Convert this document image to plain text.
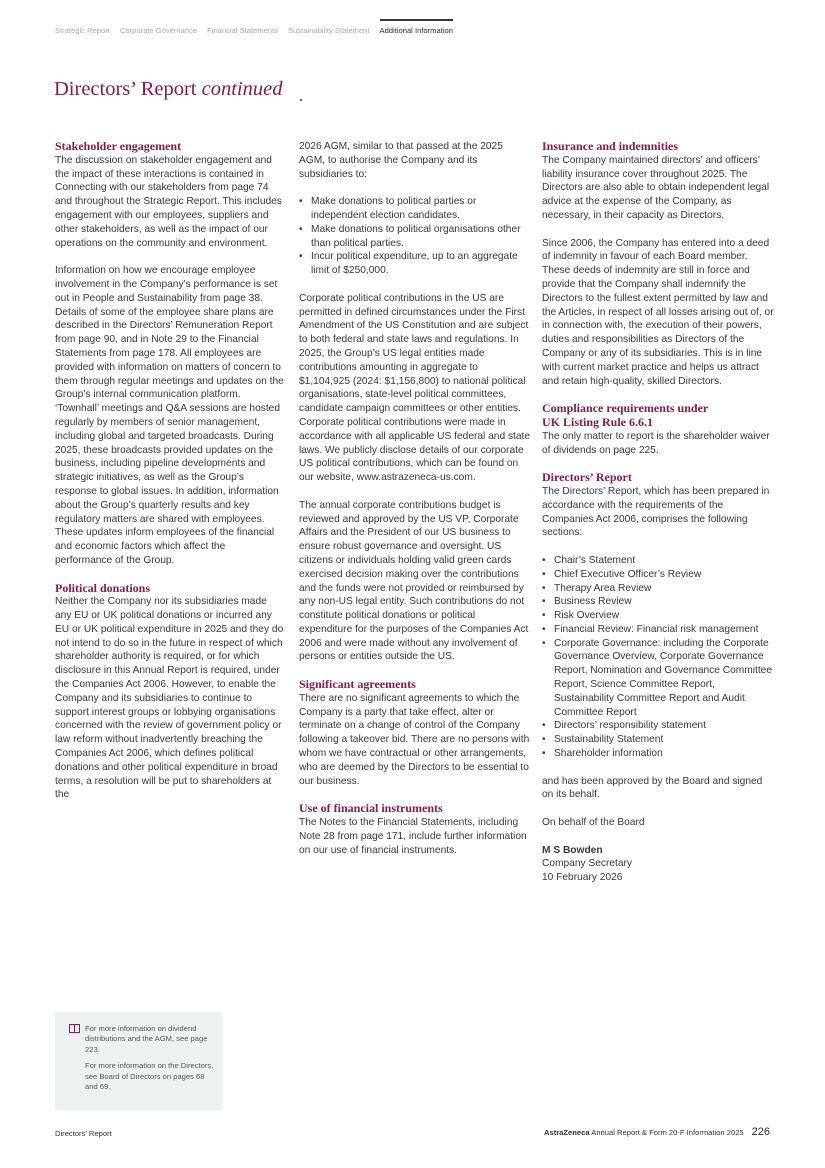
Strategic Report Corporate Governance Financial Statements Sustainability Statement Additional Information
Directors’ Report continued
Stakeholder engagement

The discussion on stakeholder engagement and the impact of these interactions is contained in Connecting with our stakeholders from page 74 and throughout the Strategic Report. This includes engagement with our employees, suppliers and other stakeholders, as well as the impact of our operations on the community and environment.

Information on how we encourage employee involvement in the Company’s performance is set out in People and Sustainability from page 38. Details of some of the employee share plans are described in the Directors’ Remuneration Report from page 90, and in Note 29 to the Financial Statements from page 178. All employees are provided with information on matters of concern to them through regular meetings and updates on the Group’s internal communication platform. ‘Townhall’ meetings and Q&A sessions are hosted regularly by members of senior management, including global and targeted broadcasts. During 2025, these broadcasts provided updates on the business, including pipeline developments and strategic initiatives, as well as the Group’s response to global issues. In addition, information about the Group’s quarterly results and key regulatory matters are shared with employees. These updates inform employees of the financial and economic factors which affect the performance of the Group.

Political donations

Neither the Company nor its subsidiaries made any EU or UK political donations or incurred any EU or UK political expenditure in 2025 and they do not intend to do so in the future in respect of which shareholder authority is required, or for which disclosure in this Annual Report is required, under the Companies Act 2006. However, to enable the Company and its subsidiaries to continue to support interest groups or lobbying organisations concerned with the review of government policy or law reform without inadvertently breaching the Companies Act 2006, which defines political donations and other political expenditure in broad terms, a resolution will be put to shareholders at the

2026 AGM, similar to that passed at the 2025 AGM, to authorise the Company and its subsidiaries to:

• Make donations to political parties or independent election candidates.
• Make donations to political organisations other than political parties.
• Incur political expenditure, up to an aggregate limit of $250,000.

Corporate political contributions in the US are permitted in defined circumstances under the First Amendment of the US Constitution and are subject to both federal and state laws and regulations. In 2025, the Group’s US legal entities made contributions amounting in aggregate to $1,104,925 (2024: $1,156,800) to national political organisations, state-level political committees, candidate campaign committees or other entities. Corporate political contributions were made in accordance with all applicable US federal and state laws. We publicly disclose details of our corporate US political contributions, which can be found on our website, www.astrazeneca-us.com.

The annual corporate contributions budget is reviewed and approved by the US VP, Corporate Affairs and the President of our US business to ensure robust governance and oversight. US citizens or individuals holding valid green cards exercised decision making over the contributions and the funds were not provided or reimbursed by any non-US legal entity. Such contributions do not constitute political donations or political expenditure for the purposes of the Companies Act 2006 and were made without any involvement of persons or entities outside the US.

Significant agreements

There are no significant agreements to which the Company is a party that take effect, alter or terminate on a change of control of the Company following a takeover bid. There are no persons with whom we have contractual or other arrangements, who are deemed by the Directors to be essential to our business.

Use of financial instruments

The Notes to the Financial Statements, including Note 28 from page 171, include further information on our use of financial instruments.

Insurance and indemnities

The Company maintained directors’ and officers’ liability insurance cover throughout 2025. The Directors are also able to obtain independent legal advice at the expense of the Company, as necessary, in their capacity as Directors.

Since 2006, the Company has entered into a deed of indemnity in favour of each Board member. These deeds of indemnity are still in force and provide that the Company shall indemnify the Directors to the fullest extent permitted by law and the Articles, in respect of all losses arising out of, or in connection with, the execution of their powers, duties and responsibilities as Directors of the Company or any of its subsidiaries. This is in line with current market practice and helps us attract and retain high-quality, skilled Directors.

Compliance requirements under
UK Listing Rule 6.6.1

The only matter to report is the shareholder waiver of dividends on page 225.

Directors’ Report

The Directors’ Report, which has been prepared in accordance with the requirements of the Companies Act 2006, comprises the following sections:

• Chair’s Statement
• Chief Executive Officer’s Review
• Therapy Area Review
• Business Review
• Risk Overview
• Financial Review: Financial risk management
• Corporate Governance: including the Corporate Governance Overview, Corporate Governance Report, Nomination and Governance Committee Report, Science Committee Report, Sustainability Committee Report and Audit Committee Report
• Directors’ responsibility statement
• Sustainability Statement
• Shareholder information

and has been approved by the Board and signed on its behalf.

On behalf of the Board

M S Bowden

Company Secretary

10 February 2026

For more information on dividend distributions and the AGM, see page 223.

For more information on the Directors, see Board of Directors on pages 68 and 69.

Directors’ Report	AstraZeneca Annual Report & Form 20-F Information 2025 226
